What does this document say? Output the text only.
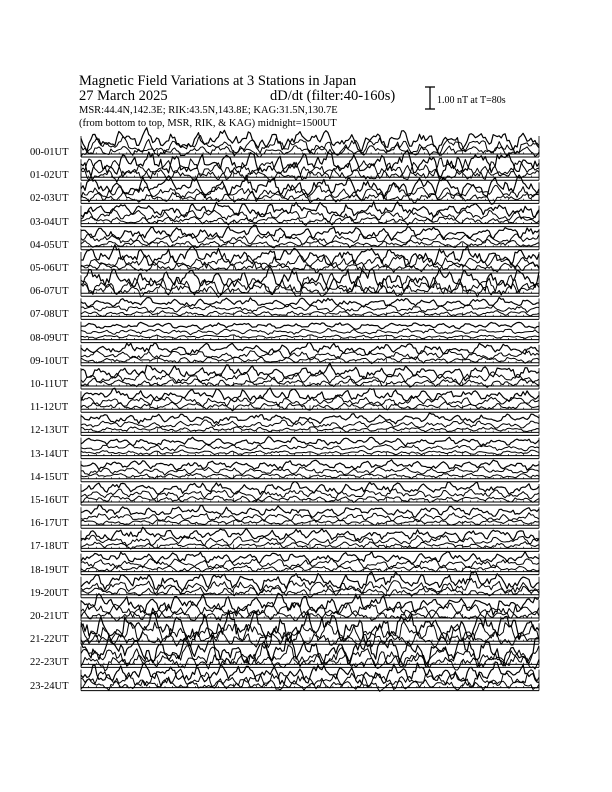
Magnetic Field Variations at 3 Stations in Japan
27 March 2025	dD/dt (filter:40-160s)
MSR:44.4N,142.3E; RIK:43.5N,143.8E; KAG:31.5N,130.7E
(from bottom to top, MSR, RIK, & KAG) midnight=1500UT
1.00 nT at T=80s
00-01UT
01-02UT
02-03UT
03-04UT
04-05UT
05-06UT
06-07UT
07-08UT
08-09UT
09-10UT
10-11UT
11-12UT
12-13UT
13-14UT
14-15UT
15-16UT
16-17UT
17-18UT
18-19UT
19-20UT
20-21UT
21-22UT
22-23UT
23-24UT
